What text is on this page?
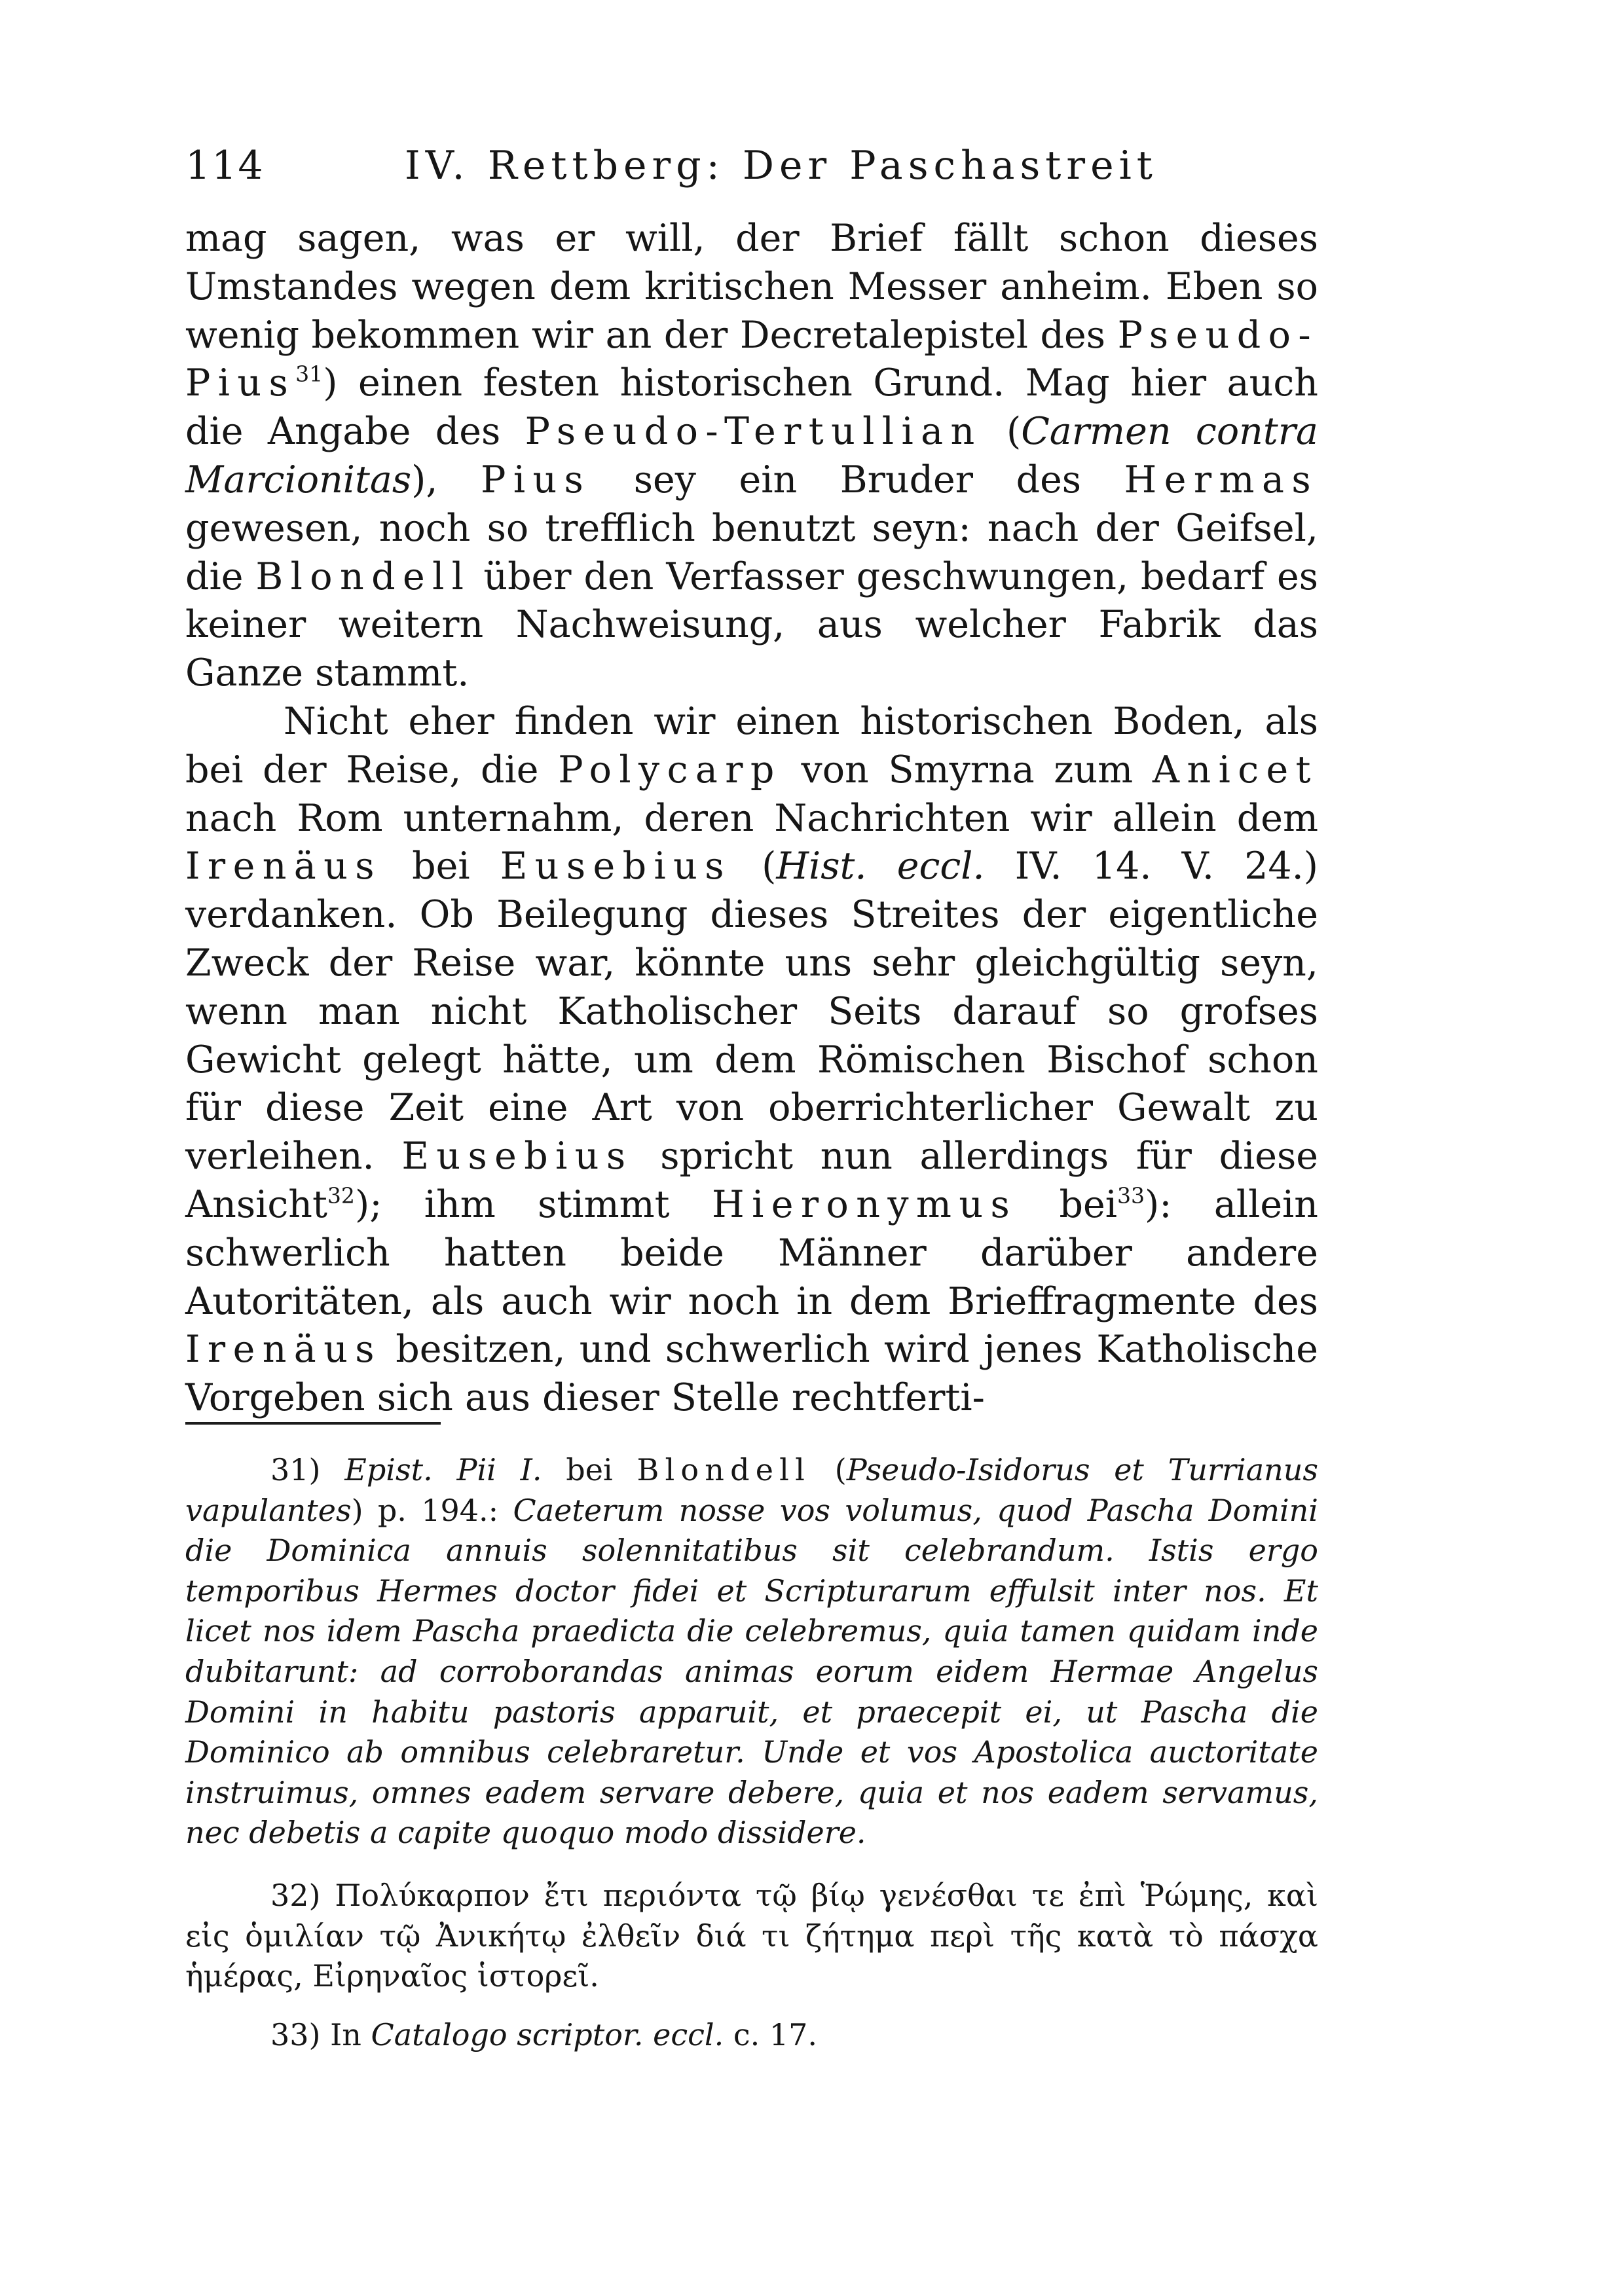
114	IV. Rettberg: Der Paschastreit

mag sagen, was er will, der Brief fällt schon dieses Umstandes wegen dem kritischen Messer anheim. Eben so wenig bekommen wir an der Decretalepistel des Pseudo-Pius$^{31}$) einen festen historischen Grund. Mag hier auch die Angabe des Pseudo-Tertullian (Carmen contra Marcionitas), Pius sey ein Bruder des Hermas gewesen, noch so trefflich benutzt seyn: nach der Geifsel, die Blondell über den Verfasser geschwungen, bedarf es keiner weitern Nachweisung, aus welcher Fabrik das Ganze stammt.

Nicht eher finden wir einen historischen Boden, als bei der Reise, die Polycarp von Smyrna zum Anicet nach Rom unternahm, deren Nachrichten wir allein dem Irenäus bei Eusebius (Hist. eccl. IV. 14. V. 24.) verdanken. Ob Beilegung dieses Streites der eigentliche Zweck der Reise war, könnte uns sehr gleichgültig seyn, wenn man nicht Katholischer Seits darauf so grofses Gewicht gelegt hätte, um dem Römischen Bischof schon für diese Zeit eine Art von oberrichterlicher Gewalt zu verleihen. Eusebius spricht nun allerdings für diese Ansicht$^{32}$); ihm stimmt Hieronymus bei$^{33}$): allein schwerlich hatten beide Männer darüber andere Autoritäten, als auch wir noch in dem Brieffragmente des Irenäus besitzen, und schwerlich wird jenes Katholische Vorgeben sich aus dieser Stelle rechtferti-

31) Epist. Pii I. bei Blondell (Pseudo-Isidorus et Turrianus vapulantes) p. 194.: Caeterum nosse vos volumus, quod Pascha Domini die Dominica annuis solennitatibus sit celebrandum. Istis ergo temporibus Hermes doctor fidei et Scripturarum effulsit inter nos. Et licet nos idem Pascha praedicta die celebremus, quia tamen quidam inde dubitarunt: ad corroborandas animas eorum eidem Hermae Angelus Domini in habitu pastoris apparuit, et praecepit ei, ut Pascha die Dominico ab omnibus celebraretur. Unde et vos Apostolica auctoritate instruimus, omnes eadem servare debere, quia et nos eadem servamus, nec debetis a capite quoquo modo dissidere.

32) Πολύκαρπον ἔτι περιόντα τῷ βίῳ γενέσθαι τε ἐπὶ Ῥώμης, καὶ εἰς ὁμιλίαν τῷ Ἀνικήτῳ ἐλθεῖν διά τι ζήτημα περὶ τῆς κατὰ τὸ πάσχα ἡμέρας, Εἰρηναῖος ἱστορεῖ.

33) In Catalogo scriptor. eccl. c. 17.
